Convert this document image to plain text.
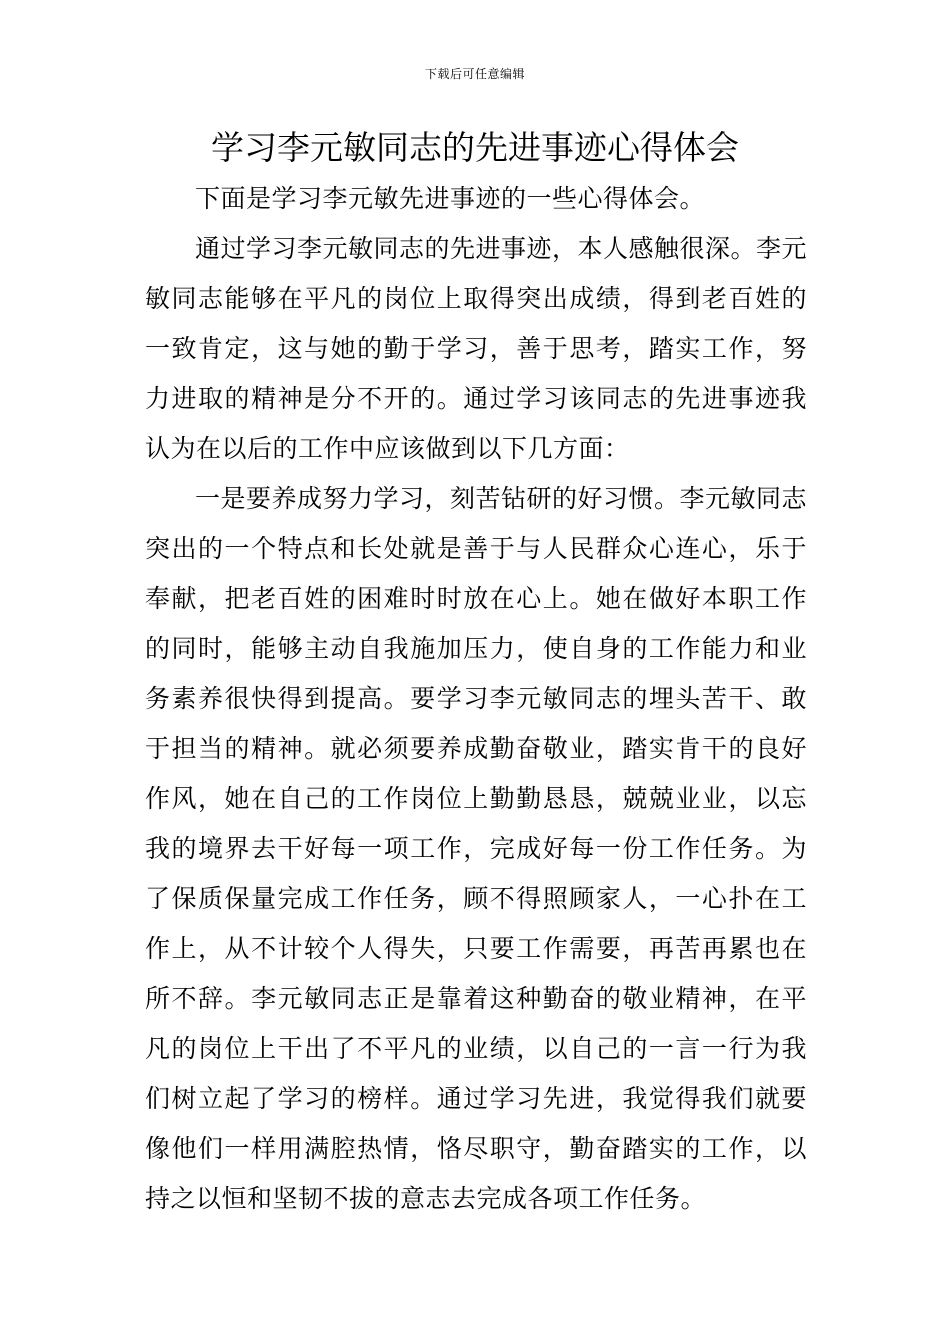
下载后可任意编辑
学习李元敏同志的先进事迹心得体会

下面是学习李元敏先进事迹的一些心得体会。

通过学习李元敏同志的先进事迹，本人感触很深。李元敏同志能够在平凡的岗位上取得突出成绩，得到老百姓的一致肯定，这与她的勤于学习，善于思考，踏实工作，努力进取的精神是分不开的。通过学习该同志的先进事迹我认为在以后的工作中应该做到以下几方面：

一是要养成努力学习，刻苦钻研的好习惯。李元敏同志突出的一个特点和长处就是善于与人民群众心连心，乐于奉献，把老百姓的困难时时放在心上。她在做好本职工作的同时，能够主动自我施加压力，使自身的工作能力和业务素养很快得到提高。要学习李元敏同志的埋头苦干、敢于担当的精神。就必须要养成勤奋敬业，踏实肯干的良好作风，她在自己的工作岗位上勤勤恳恳，兢兢业业，以忘我的境界去干好每一项工作，完成好每一份工作任务。为了保质保量完成工作任务，顾不得照顾家人，一心扑在工作上，从不计较个人得失，只要工作需要，再苦再累也在所不辞。李元敏同志正是靠着这种勤奋的敬业精神，在平凡的岗位上干出了不平凡的业绩，以自己的一言一行为我们树立起了学习的榜样。通过学习先进，我觉得我们就要像他们一样用满腔热情，恪尽职守，勤奋踏实的工作，以持之以恒和坚韧不拔的意志去完成各项工作任务。
